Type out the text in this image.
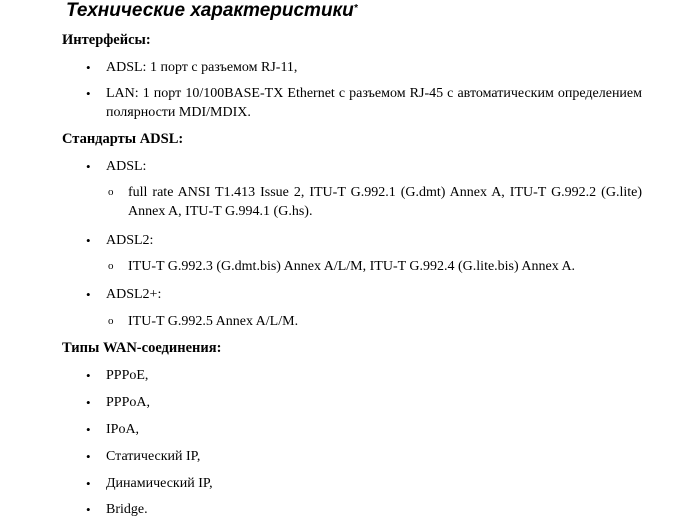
Технические характеристики*
Интерфейсы:
• ADSL: 1 порт с разъемом RJ-11,
• LAN: 1 порт 10/100BASE-TX Ethernet с разъемом RJ-45 с автоматическим определением полярности MDI/MDIX.
Стандарты ADSL:
• ADSL:
o full rate ANSI T1.413 Issue 2, ITU-T G.992.1 (G.dmt) Annex A, ITU-T G.992.2 (G.lite) Annex A, ITU-T G.994.1 (G.hs).
• ADSL2:
o ITU-T G.992.3 (G.dmt.bis) Annex A/L/M, ITU-T G.992.4 (G.lite.bis) Annex A.
• ADSL2+:
o ITU-T G.992.5 Annex A/L/M.
Типы WAN-соединения:
• PPPoE,
• PPPoA,
• IPoA,
• Статический IP,
• Динамический IP,
• Bridge.
